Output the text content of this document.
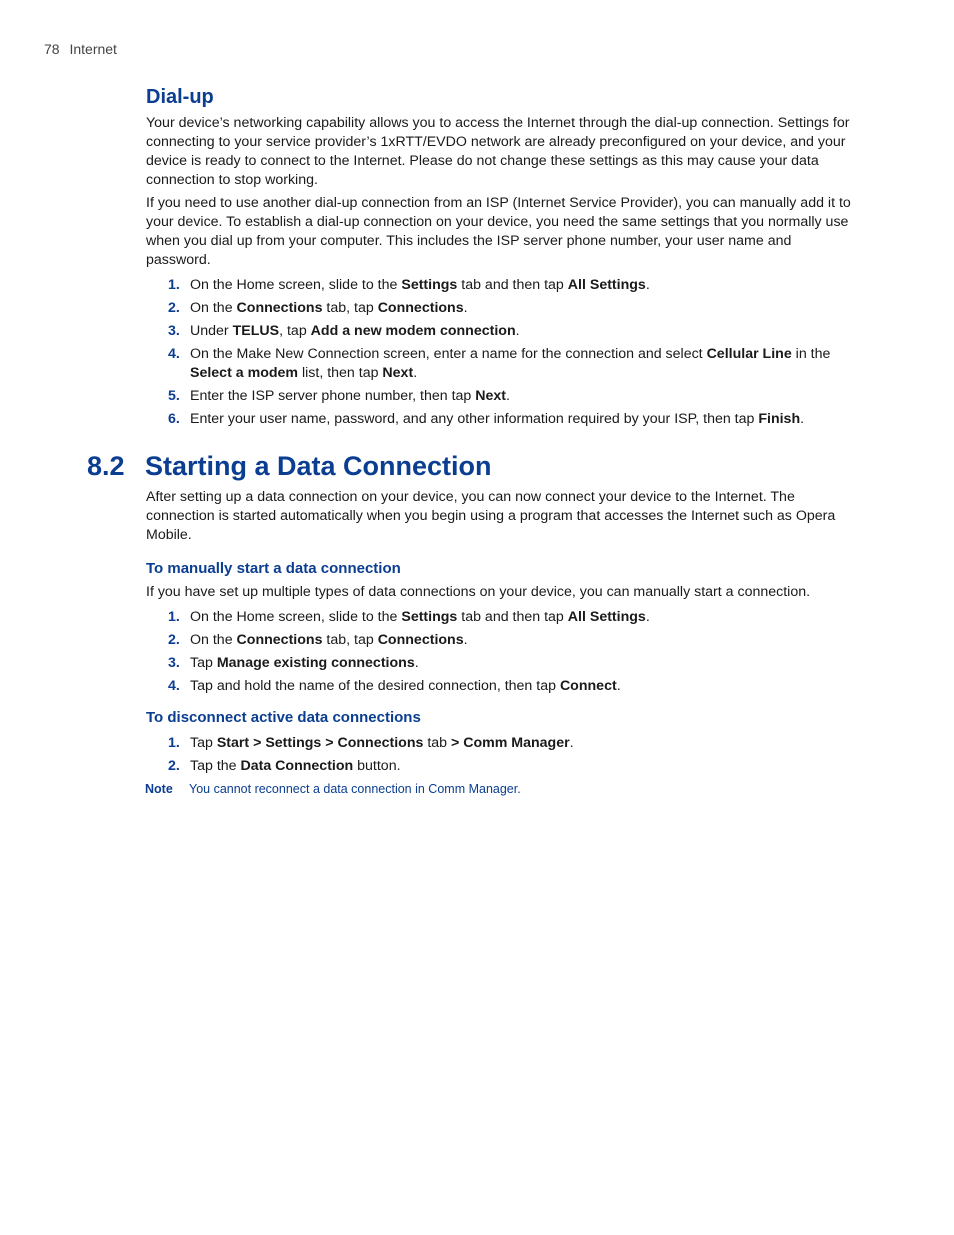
78 Internet
Dial-up

Your device’s networking capability allows you to access the Internet through the dial-up connection. Settings for connecting to your service provider’s 1xRTT/EVDO network are already preconfigured on your device, and your device is ready to connect to the Internet. Please do not change these settings as this may cause your data connection to stop working.

If you need to use another dial-up connection from an ISP (Internet Service Provider), you can manually add it to your device. To establish a dial-up connection on your device, you need the same settings that you normally use when you dial up from your computer. This includes the ISP server phone number, your user name and password.

1. On the Home screen, slide to the Settings tab and then tap All Settings.
2. On the Connections tab, tap Connections.
3. Under TELUS, tap Add a new modem connection.
4. On the Make New Connection screen, enter a name for the connection and select Cellular Line in the Select a modem list, then tap Next.
5. Enter the ISP server phone number, then tap Next.
6. Enter your user name, password, and any other information required by your ISP, then tap Finish.
8.2 Starting a Data Connection

After setting up a data connection on your device, you can now connect your device to the Internet. The connection is started automatically when you begin using a program that accesses the Internet such as Opera Mobile.

To manually start a data connection

If you have set up multiple types of data connections on your device, you can manually start a connection.

1. On the Home screen, slide to the Settings tab and then tap All Settings.
2. On the Connections tab, tap Connections.
3. Tap Manage existing connections.
4. Tap and hold the name of the desired connection, then tap Connect.
To disconnect active data connections
1. Tap Start > Settings > Connections tab > Comm Manager.
2. Tap the Data Connection button.
Note You cannot reconnect a data connection in Comm Manager.
